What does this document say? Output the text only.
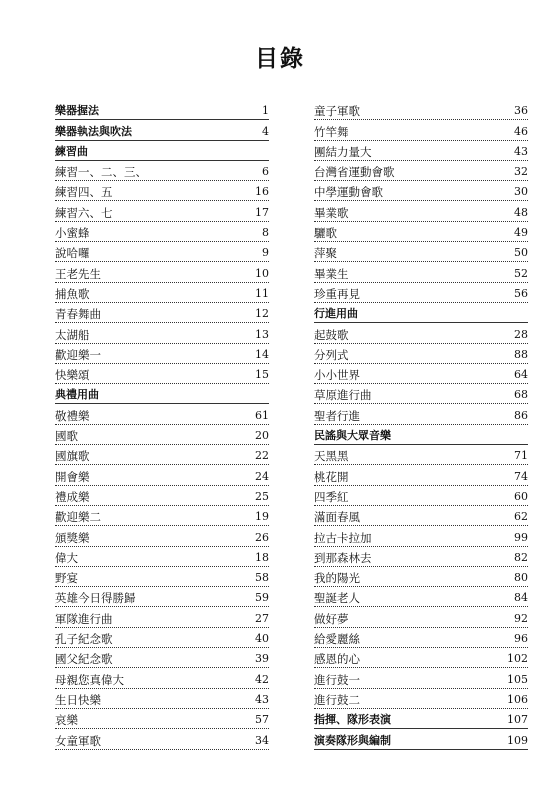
目錄
樂器握法	1
樂器執法與吹法	4
練習曲
練習一、二、三、	6
練習四、五	16
練習六、七	17
小蜜蜂	8
說哈囉	9
王老先生	10
捕魚歌	11
青春舞曲	12
太湖船	13
歡迎樂一	14
快樂頌	15
典禮用曲
敬禮樂	61
國歌	20
國旗歌	22
開會樂	24
禮成樂	25
歡迎樂二	19
頒獎樂	26
偉大	18
野宴	58
英雄今日得勝歸	59
軍隊進行曲	27
孔子紀念歌	40
國父紀念歌	39
母親您真偉大	42
生日快樂	43
哀樂	57
女童軍歌	34
童子軍歌	36
竹竿舞	46
團結力量大	43
台灣省運動會歌	32
中學運動會歌	30
畢業歌	48
驪歌	49
萍聚	50
畢業生	52
珍重再見	56
行進用曲
起鼓歌	28
分列式	88
小小世界	64
草原進行曲	68
聖者行進	86
民謠與大眾音樂
天黑黑	71
桃花開	74
四季紅	60
滿面春風	62
拉古卡拉加	99
到那森林去	82
我的陽光	80
聖誕老人	84
做好夢	92
給愛麗絲	96
感恩的心	102
進行鼓一	105
進行鼓二	106
指揮、隊形表演	107
演奏隊形與編制	109
